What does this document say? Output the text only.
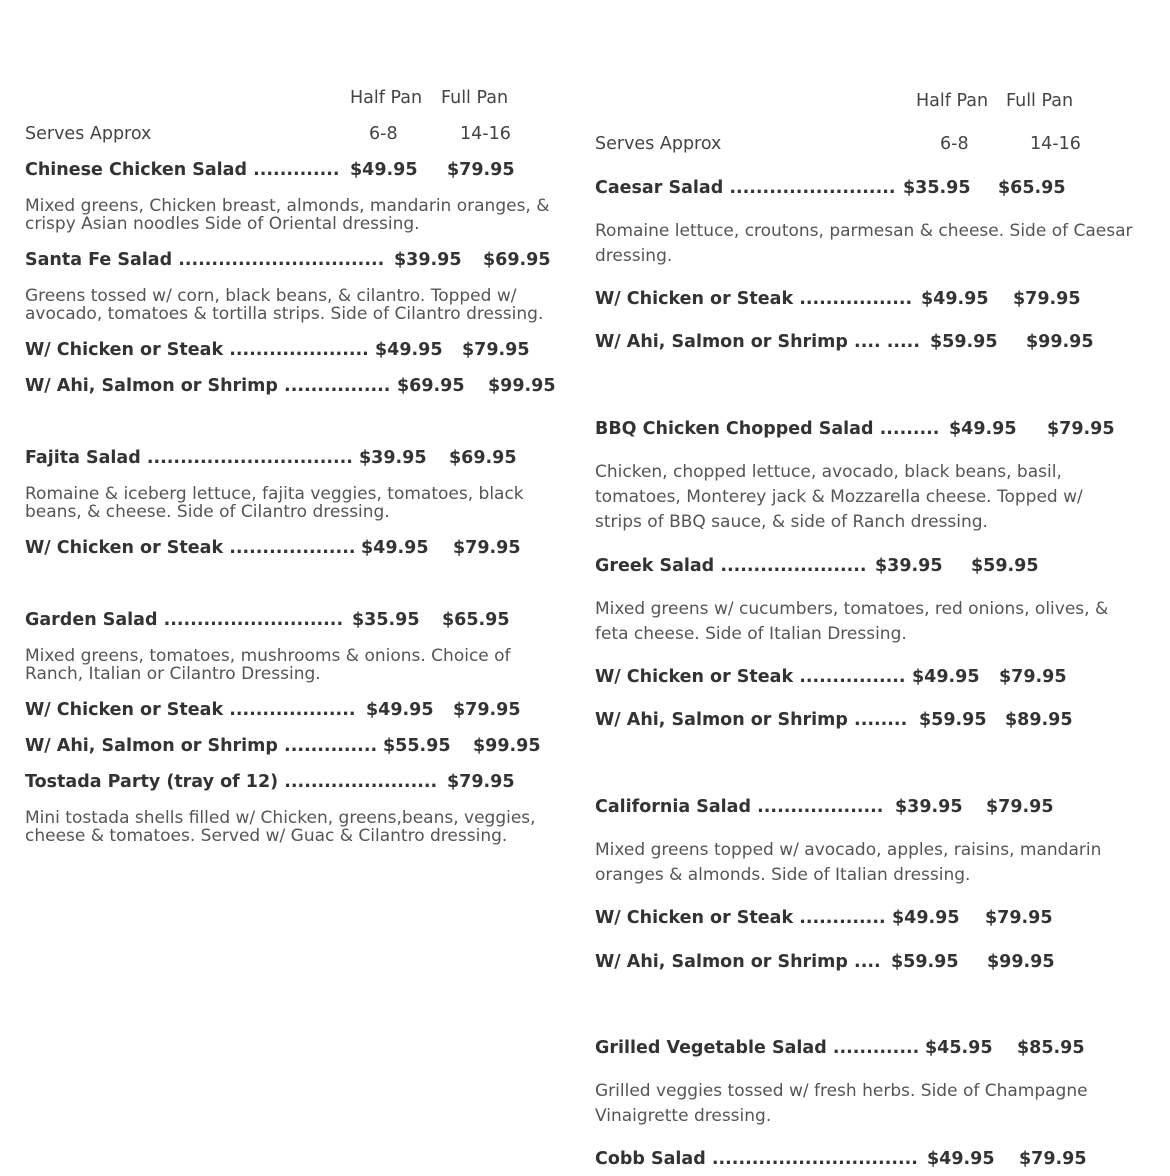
Half Pan Full Pan
Serves Approx	6-8	14-16
Chinese Chicken Salad ............. $49.95 $79.95
Mixed greens, Chicken breast, almonds, mandarin oranges, & crispy Asian noodles Side of Oriental dressing.
Santa Fe Salad ............................... $39.95 $69.95
Greens tossed w/ corn, black beans, & cilantro. Topped w/ avocado, tomatoes & tortilla strips. Side of Cilantro dressing.
W/ Chicken or Steak ..................... $49.95 $79.95
W/ Ahi, Salmon or Shrimp ................ $69.95 $99.95
Fajita Salad ............................... $39.95 $69.95
Romaine & iceberg lettuce, fajita veggies, tomatoes, black beans, & cheese. Side of Cilantro dressing.
W/ Chicken or Steak ................... $49.95 $79.95
Garden Salad ........................... $35.95 $65.95
Mixed greens, tomatoes, mushrooms & onions. Choice of Ranch, Italian or Cilantro Dressing.
W/ Chicken or Steak ................... $49.95 $79.95
W/ Ahi, Salmon or Shrimp .............. $55.95 $99.95
Tostada Party (tray of 12) ....................... $79.95
Mini tostada shells filled w/ Chicken, greens,beans, veggies, cheese & tomatoes. Served w/ Guac & Cilantro dressing.
Half Pan Full Pan
Serves Approx	6-8	14-16
Caesar Salad ......................... $35.95 $65.95
Romaine lettuce, croutons, parmesan & cheese. Side of Caesar dressing.
W/ Chicken or Steak ................. $49.95 $79.95
W/ Ahi, Salmon or Shrimp .... ..... $59.95 $99.95
BBQ Chicken Chopped Salad ......... $49.95 $79.95
Chicken, chopped lettuce, avocado, black beans, basil, tomatoes, Monterey jack & Mozzarella cheese. Topped w/ strips of BBQ sauce, & side of Ranch dressing.
Greek Salad ...................... $39.95 $59.95
Mixed greens w/ cucumbers, tomatoes, red onions, olives, & feta cheese. Side of Italian Dressing.
W/ Chicken or Steak ................ $49.95 $79.95
W/ Ahi, Salmon or Shrimp ........ $59.95 $89.95
California Salad ................... $39.95 $79.95
Mixed greens topped w/ avocado, apples, raisins, mandarin oranges & almonds. Side of Italian dressing.
W/ Chicken or Steak ............. $49.95 $79.95
W/ Ahi, Salmon or Shrimp .... $59.95 $99.95
Grilled Vegetable Salad ............. $45.95 $85.95
Grilled veggies tossed w/ fresh herbs. Side of Champagne Vinaigrette dressing.
Cobb Salad ............................... $49.95 $79.95
